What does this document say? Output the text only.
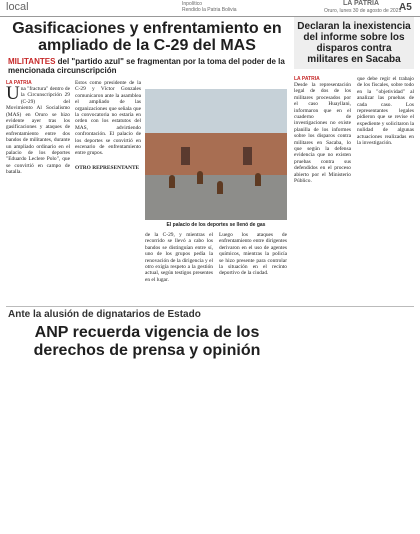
local	Inpolítico
Rendido la Patria Bolivia
LA PATRIA
Oruro, lunes 30 de agosto de 2021
A5
Gasificaciones y enfrentamiento en ampliado de la C-29 del MAS
MILITANTES del "partido azul" se fragmentan por la toma del poder de la mencionada circunscripción
LA PATRIA
U na "fractura" dentro de la Circunscripción 29 (C-29) del Movimiento Al Socialismo (MAS) en Oruro se hizo evidente ayer tras los gasificaciones y ataques de enfrentamiento entre dos bandos de militantes, durante un ampliado ordinario en el palacio de los deportes "Eduardo Leclere Polo", que se convirtió en campo de batalla.
Estos como presidente de la C-29 y Víctor Gonzales comunicaron ante la asamblea el ampliado de las organizaciones que señala que la convocatoria no estaría en orden con los estatutos del MAS, advirtiendo confrontación. El palacio de los deportes se convirtió en escenario de enfrentamiento entre grupos.
OTRO REPRESENTANTE
El palacio de los deportes se llenó de gas
de la C-29, y mientras el recorrido se llevó a cabo los bandos se distinguían entre sí, uno de los grupos pedía la renovación de la dirigencia y el otro exigía respeto a la gestión actual, según testigos presentes en el lugar.
Luego los ataques de enfrentamiento entre dirigentes derivaron en el uso de agentes químicos, mientras la policía se hizo presente para controlar la situación en el recinto deportivo de la ciudad.
Declaran la inexistencia del informe sobre los disparos contra militares en Sacaba
LA PATRIA
Desde la representación legal de dos de los militares procesados por el caso Huayllani, informaron que en el cuaderno de investigaciones no existe planilla de los informes sobre los disparos contra militares en Sacaba, lo que según la defensa evidencia que no existen pruebas contra sus defendidos en el proceso abierto por el Ministerio Público.
que debe regir el trabajo de los fiscales, sobre todo en la "objetividad" al analizar las pruebas de cada caso. Los representantes legales pidieron que se revise el expediente y solicitaron la nulidad de algunas actuaciones realizadas en la investigación.
Ante la alusión de dignatarios de Estado
ANP recuerda vigencia de los derechos de prensa y opinión
